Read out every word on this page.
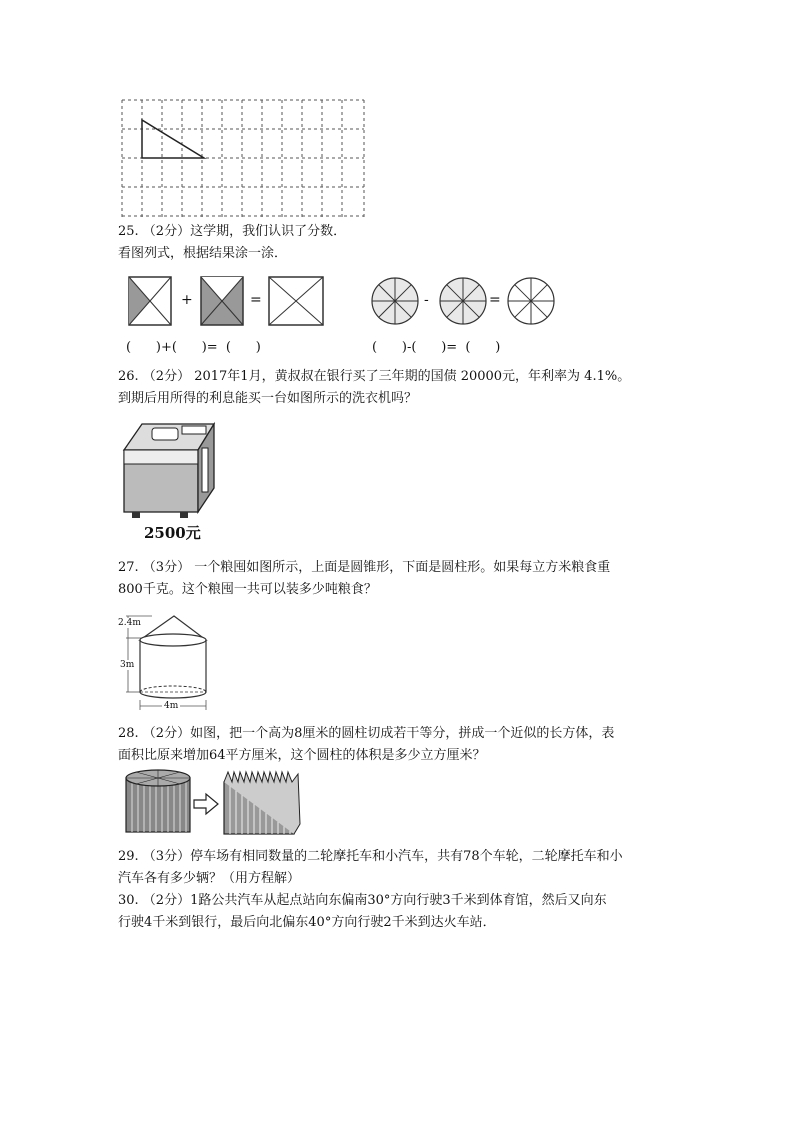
25. （2分）这学期，我们认识了分数．
看图列式，根据结果涂一涂．
+	=	-	=
(      )+(      )=  (      )	(      )-(      )=  (      )
26. （2分） 2017年1月，黄叔叔在银行买了三年期的国债 20000元，年利率为 4.1%。
到期后用所得的利息能买一台如图所示的洗衣机吗？
2500元
27. （3分） 一个粮囤如图所示，上面是圆锥形，下面是圆柱形。如果每立方米粮食重
800千克。这个粮囤一共可以装多少吨粮食？
2.4m
3m
4m
28. （2分）如图，把一个高为8厘米的圆柱切成若干等分，拼成一个近似的长方体，表
面积比原来增加64平方厘米，这个圆柱的体积是多少立方厘米？
29. （3分）停车场有相同数量的二轮摩托车和小汽车，共有78个车轮，二轮摩托车和小
汽车各有多少辆？（用方程解）
30. （2分）1路公共汽车从起点站向东偏南30°方向行驶3千米到体育馆，然后又向东
行驶4千米到银行，最后向北偏东40°方向行驶2千米到达火车站．
